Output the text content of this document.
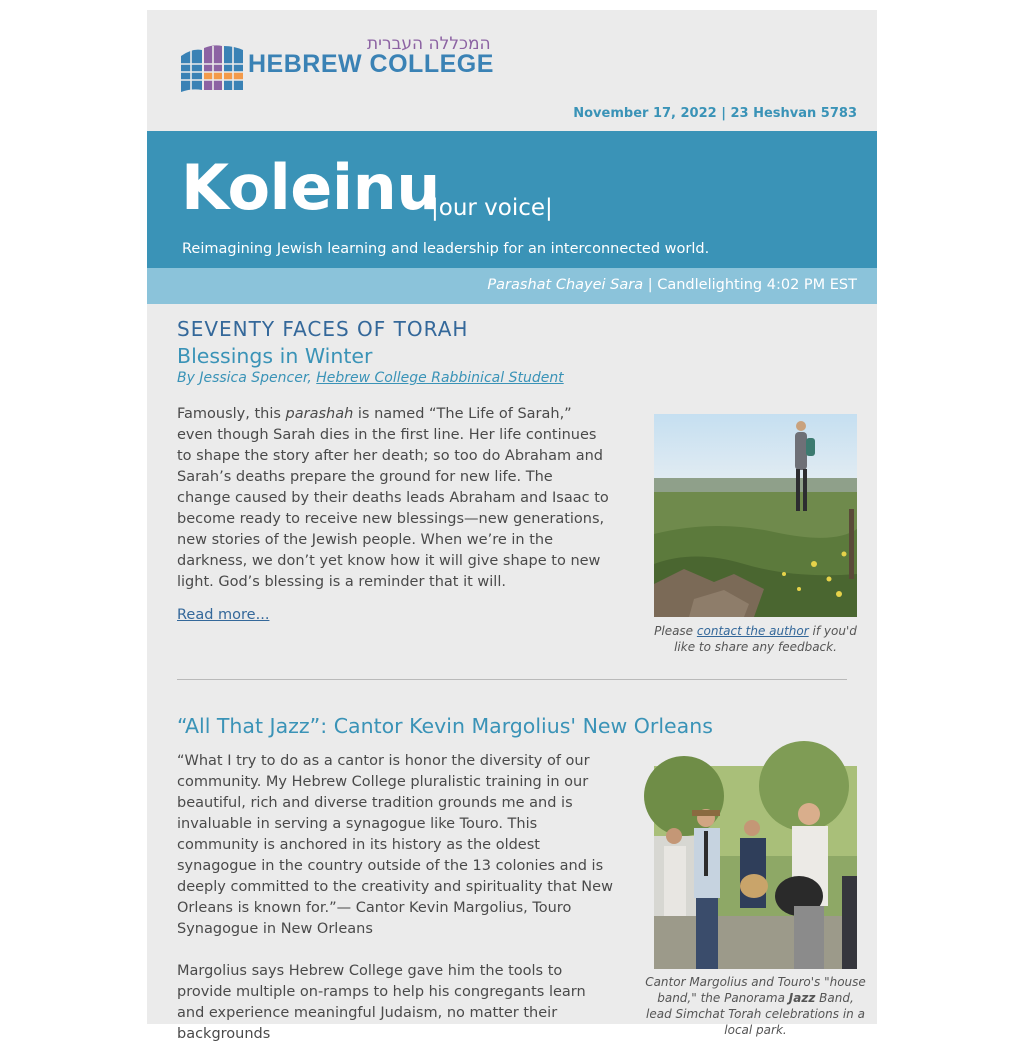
המכללה העברית
HEBREW COLLEGE
November 17, 2022 | 23 Heshvan 5783
Koleinu
|our voice|
Reimagining Jewish learning and leadership for an interconnected world.
Parashat Chayei Sara | Candlelighting 4:02 PM EST
SEVENTY FACES OF TORAH
Blessings in Winter
By Jessica Spencer, Hebrew College Rabbinical Student
Famously, this parashah is named “The Life of Sarah,” even though Sarah dies in the first line. Her life continues to shape the story after her death; so too do Abraham and Sarah’s deaths prepare the ground for new life. The change caused by their deaths leads Abraham and Isaac to become ready to receive new blessings—new generations, new stories of the Jewish people. When we’re in the darkness, we don’t yet know how it will give shape to new light. God’s blessing is a reminder that it will.
Read more...
Please contact the author if you'd like to share any feedback.
“All That Jazz”: Cantor Kevin Margolius' New Orleans
“What I try to do as a cantor is honor the diversity of our community. My Hebrew College pluralistic training in our beautiful, rich and diverse tradition grounds me and is invaluable in serving a synagogue like Touro. This community is anchored in its history as the oldest synagogue in the country outside of the 13 colonies and is deeply committed to the creativity and spirituality that New Orleans is known for.”— Cantor Kevin Margolius, Touro Synagogue in New Orleans
Margolius says Hebrew College gave him the tools to provide multiple on-ramps to help his congregants learn and experience meaningful Judaism, no matter their backgrounds
Cantor Margolius and Touro's "house band," the Panorama Jazz Band, lead Simchat Torah celebrations in a local park.
